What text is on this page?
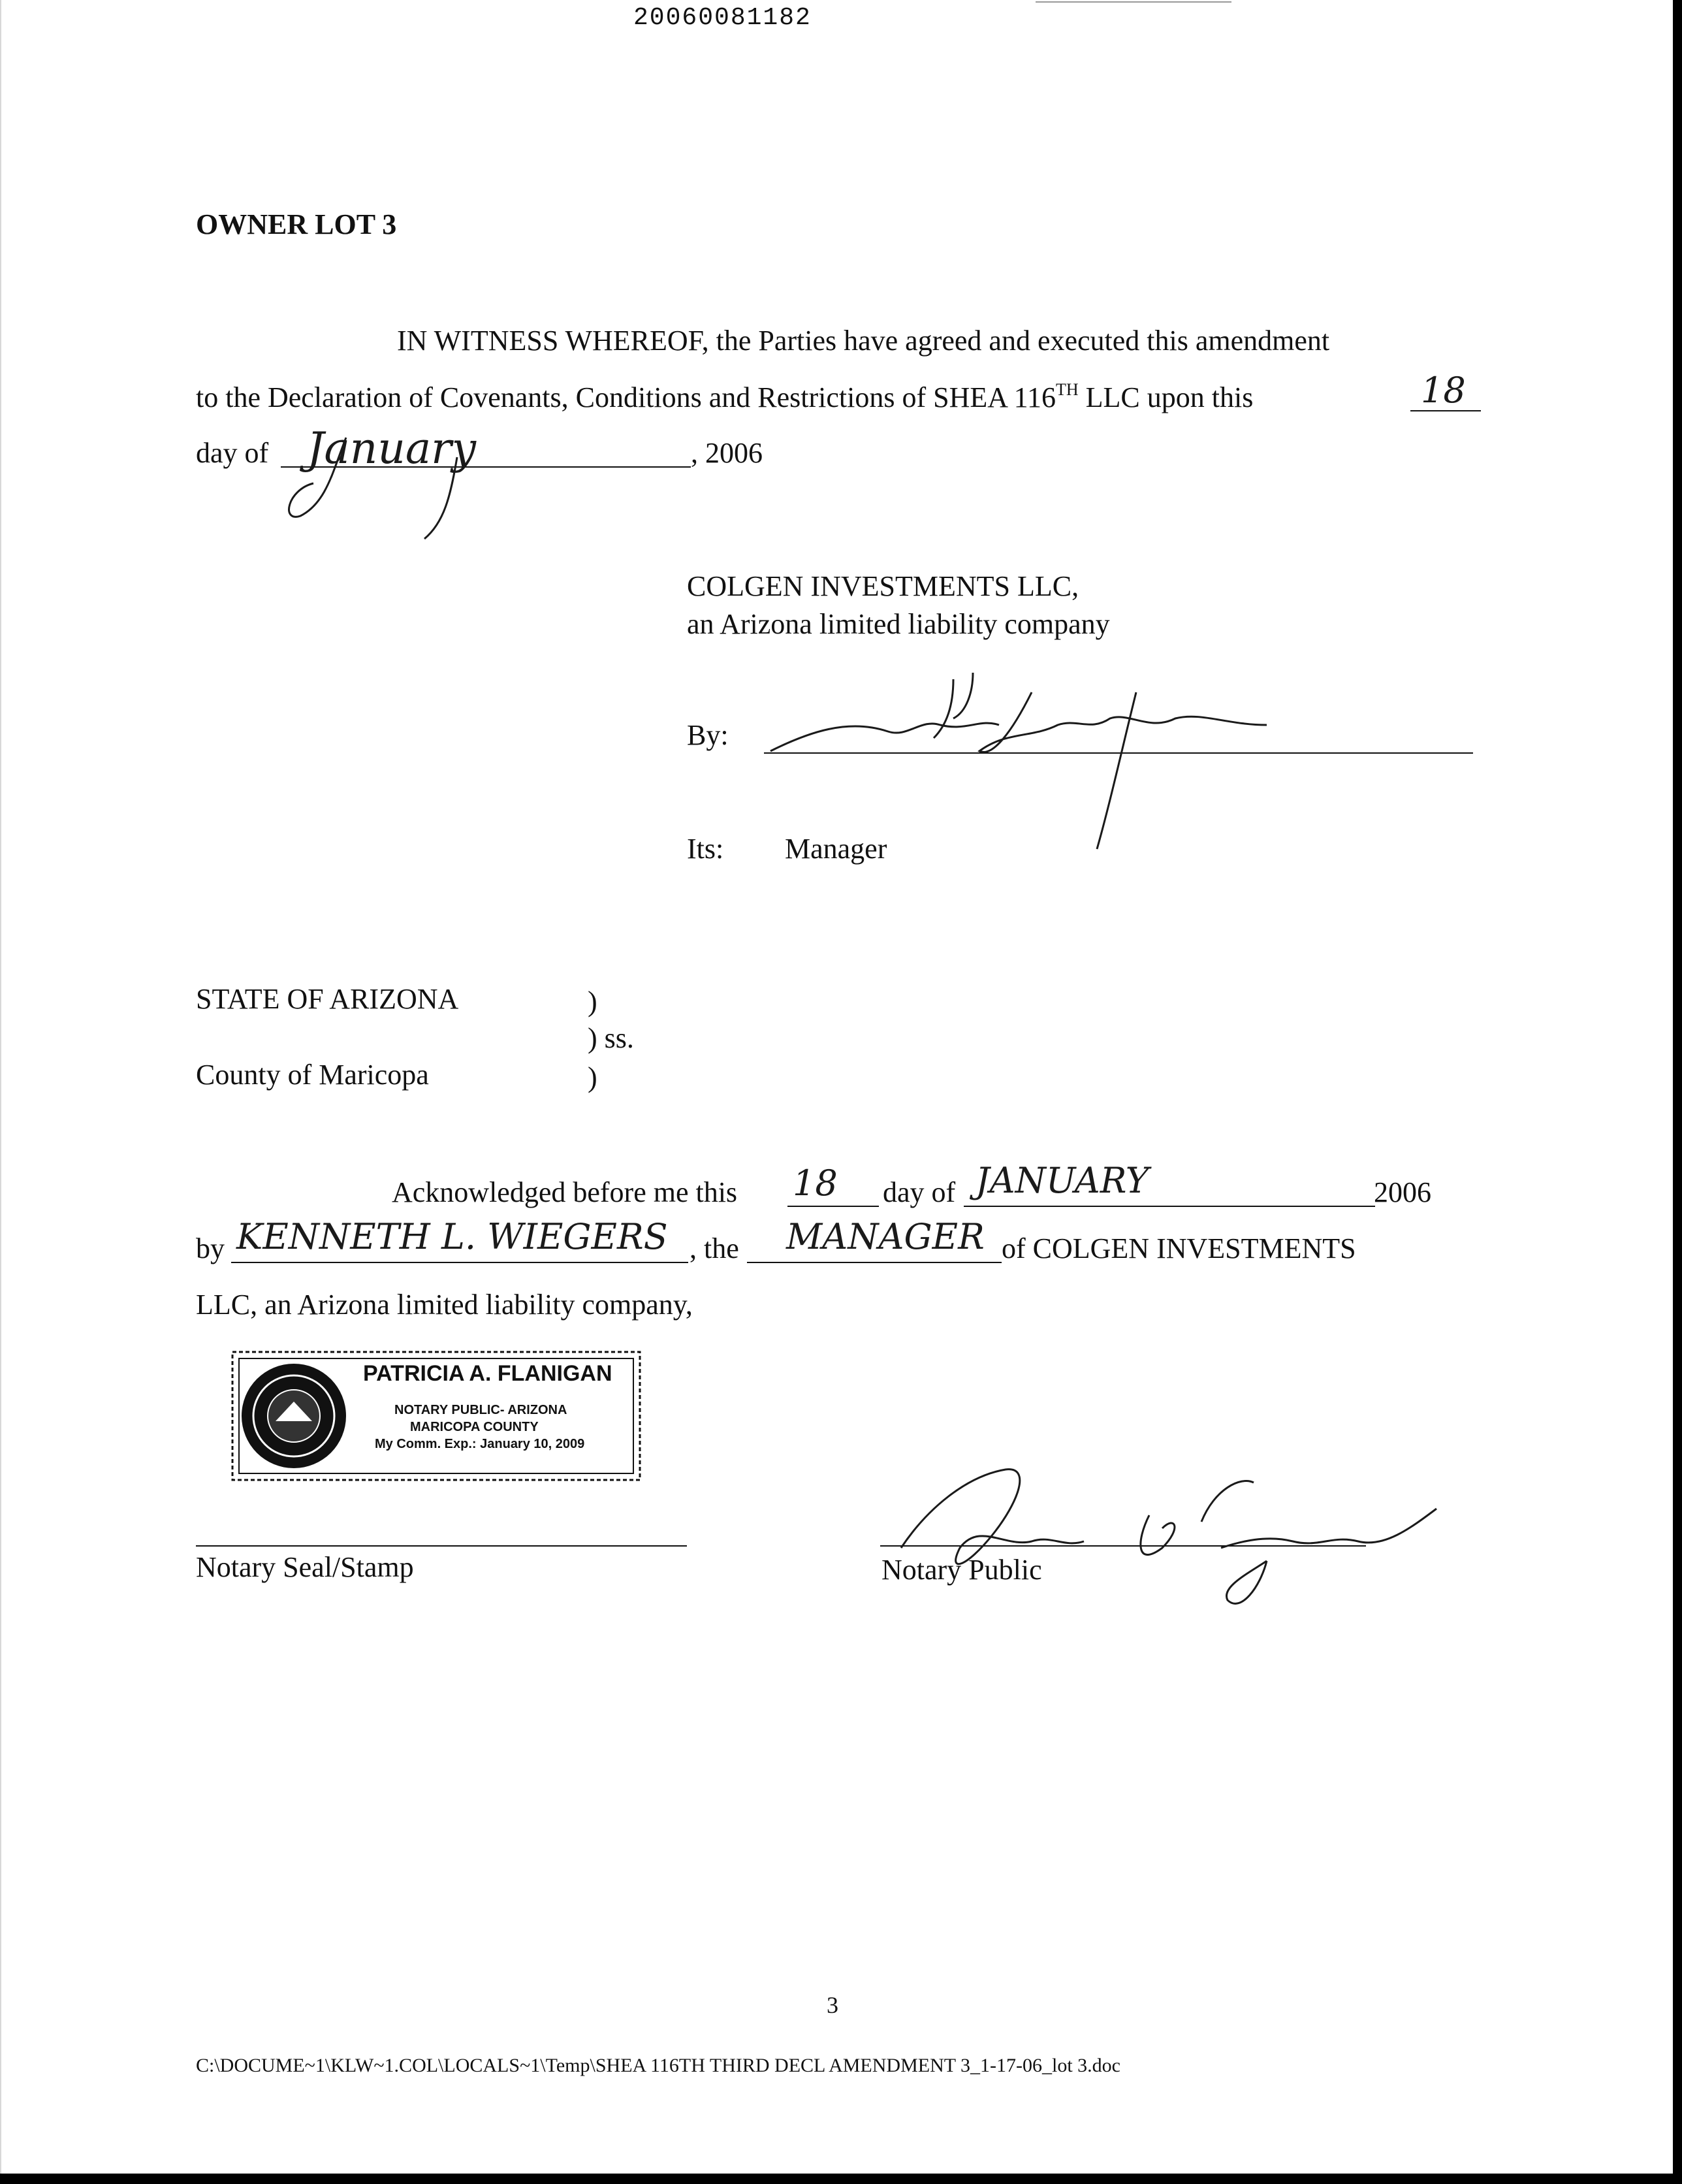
20060081182
OWNER LOT 3
IN WITNESS WHEREOF, the Parties have agreed and executed this amendment
to the Declaration of Covenants, Conditions and Restrictions of SHEA 116TH LLC upon this	18
day of January	, 2006
COLGEN INVESTMENTS LLC,
an Arizona limited liability company
By:
Its: Manager
STATE OF ARIZONA	)
) ss.
County of Maricopa	)
Acknowledged before me this 18 day of JANUARY	2006
by KENNETH L. WIEGERS , the MANAGER of COLGEN INVESTMENTS
LLC, an Arizona limited liability company,
PATRICIA A. FLANIGAN
NOTARY PUBLIC- ARIZONA
MARICOPA COUNTY
My Comm. Exp.: January 10, 2009
Notary Seal/Stamp	Notary Public
3
C:\DOCUME~1\KLW~1.COL\LOCALS~1\Temp\SHEA 116TH THIRD DECL AMENDMENT 3_1-17-06_lot 3.doc
